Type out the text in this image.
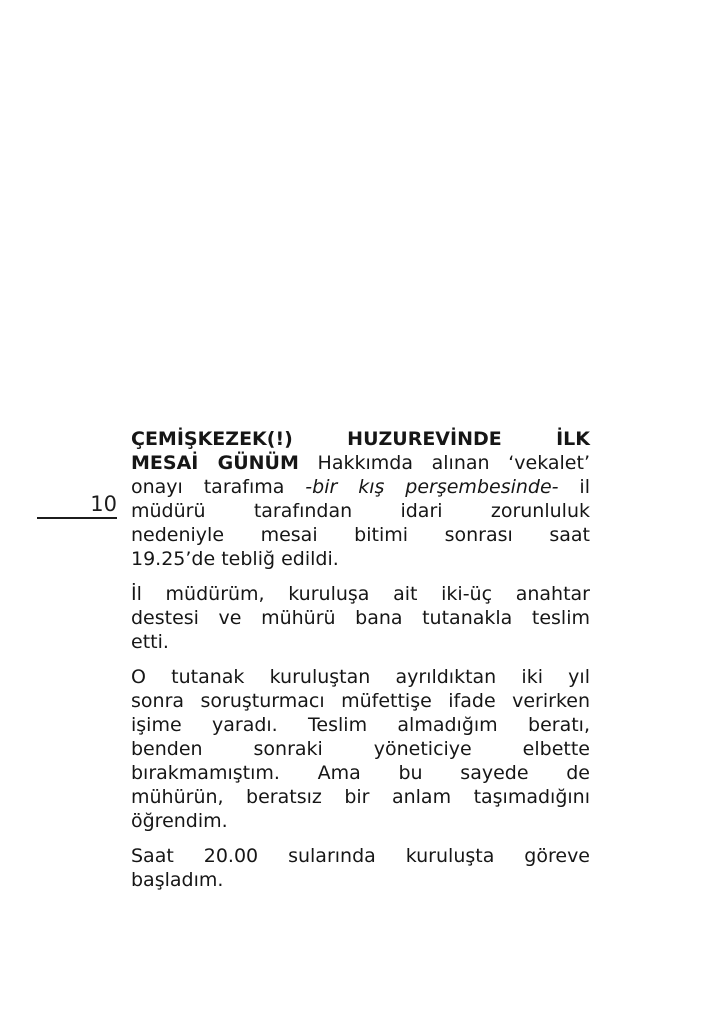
10
ÇEMİŞKEZEK(!) HUZUREVİNDE İLK
MESAİ GÜNÜM Hakkımda alınan ‘vekalet’
onayı tarafıma -bir kış perşembesinde- il
müdürü tarafından idari zorunluluk
nedeniyle mesai bitimi sonrası saat
19.25’de tebliğ edildi.
İl müdürüm, kuruluşa ait iki-üç anahtar
destesi ve mühürü bana tutanakla teslim
etti.
O tutanak kuruluştan ayrıldıktan iki yıl
sonra soruşturmacı müfettişe ifade verirken
işime yaradı. Teslim almadığım beratı,
benden sonraki yöneticiye elbette
bırakmamıştım. Ama bu sayede de
mühürün, beratsız bir anlam taşımadığını
öğrendim.
Saat 20.00 sularında kuruluşta göreve
başladım.
